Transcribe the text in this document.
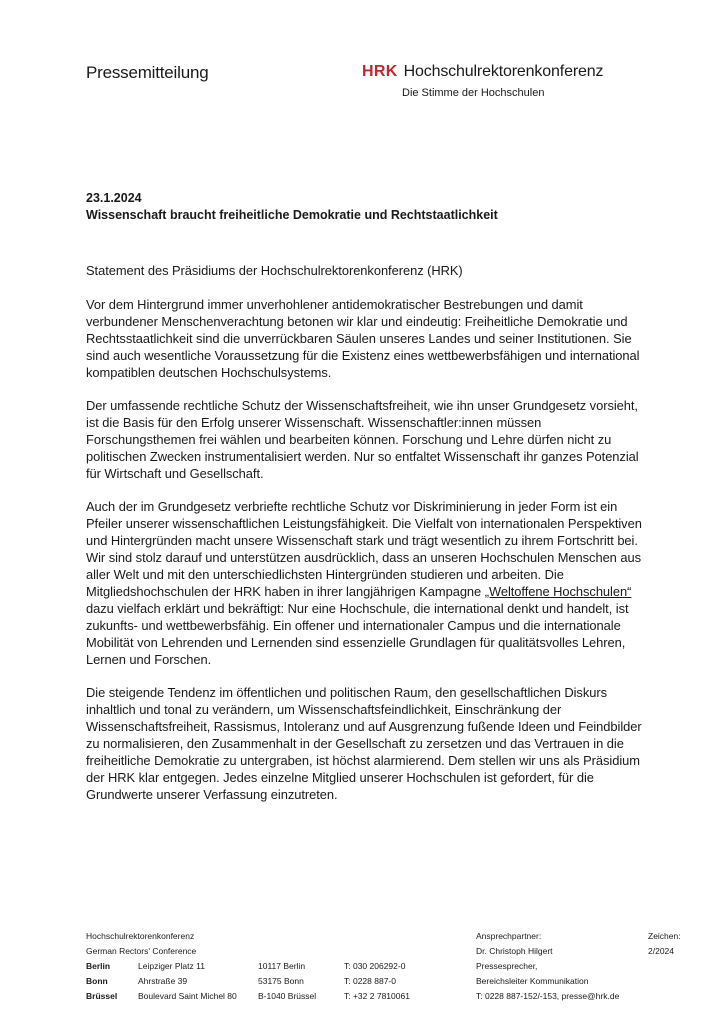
Pressemitteilung	HRK Hochschulrektorenkonferenz
Die Stimme der Hochschulen
23.1.2024
Wissenschaft braucht freiheitliche Demokratie und Rechtstaatlichkeit

Statement des Präsidiums der Hochschulrektorenkonferenz (HRK)

Vor dem Hintergrund immer unverhohlener antidemokratischer Bestrebungen und damit verbundener Menschenverachtung betonen wir klar und eindeutig: Freiheitliche Demokratie und Rechtsstaatlichkeit sind die unverrückbaren Säulen unseres Landes und seiner Institutionen. Sie sind auch wesentliche Voraussetzung für die Existenz eines wettbewerbsfähigen und international kompatiblen deutschen Hochschulsystems.

Der umfassende rechtliche Schutz der Wissenschaftsfreiheit, wie ihn unser Grundgesetz vorsieht, ist die Basis für den Erfolg unserer Wissenschaft. Wissenschaftler:innen müssen Forschungsthemen frei wählen und bearbeiten können. Forschung und Lehre dürfen nicht zu politischen Zwecken instrumentalisiert werden. Nur so entfaltet Wissenschaft ihr ganzes Potenzial für Wirtschaft und Gesellschaft.

Auch der im Grundgesetz verbriefte rechtliche Schutz vor Diskriminierung in jeder Form ist ein Pfeiler unserer wissenschaftlichen Leistungsfähigkeit. Die Vielfalt von internationalen Perspektiven und Hintergründen macht unsere Wissenschaft stark und trägt wesentlich zu ihrem Fortschritt bei. Wir sind stolz darauf und unterstützen ausdrücklich, dass an unseren Hochschulen Menschen aus aller Welt und mit den unterschiedlichsten Hintergründen studieren und arbeiten. Die Mitgliedshochschulen der HRK haben in ihrer langjährigen Kampagne „Weltoffene Hochschulen“ dazu vielfach erklärt und bekräftigt: Nur eine Hochschule, die international denkt und handelt, ist zukunfts- und wettbewerbsfähig. Ein offener und internationaler Campus und die internationale Mobilität von Lehrenden und Lernenden sind essenzielle Grundlagen für qualitätsvolles Lehren, Lernen und Forschen.

Die steigende Tendenz im öffentlichen und politischen Raum, den gesellschaftlichen Diskurs inhaltlich und tonal zu verändern, um Wissenschaftsfeindlichkeit, Einschränkung der Wissenschaftsfreiheit, Rassismus, Intoleranz und auf Ausgrenzung fußende Ideen und Feindbilder zu normalisieren, den Zusammenhalt in der Gesellschaft zu zersetzen und das Vertrauen in die freiheitliche Demokratie zu untergraben, ist höchst alarmierend. Dem stellen wir uns als Präsidium der HRK klar entgegen. Jedes einzelne Mitglied unserer Hochschulen ist gefordert, für die Grundwerte unserer Verfassung einzutreten.

Hochschulrektorenkonferenz
German Rectors' Conference
Berlin
Bonn
Brüssel
Leipziger Platz 11
Ahrstraße 39
Boulevard Saint Michel 80
10117 Berlin
53175 Bonn
B-1040 Brüssel
T: 030 206292-0
T: 0228 887-0
T: +32 2 7810061
Ansprechpartner:
Dr. Christoph Hilgert
Pressesprecher,
Bereichsleiter Kommunikation
T: 0228 887-152/-153, presse@hrk.de
Zeichen:
2/2024
